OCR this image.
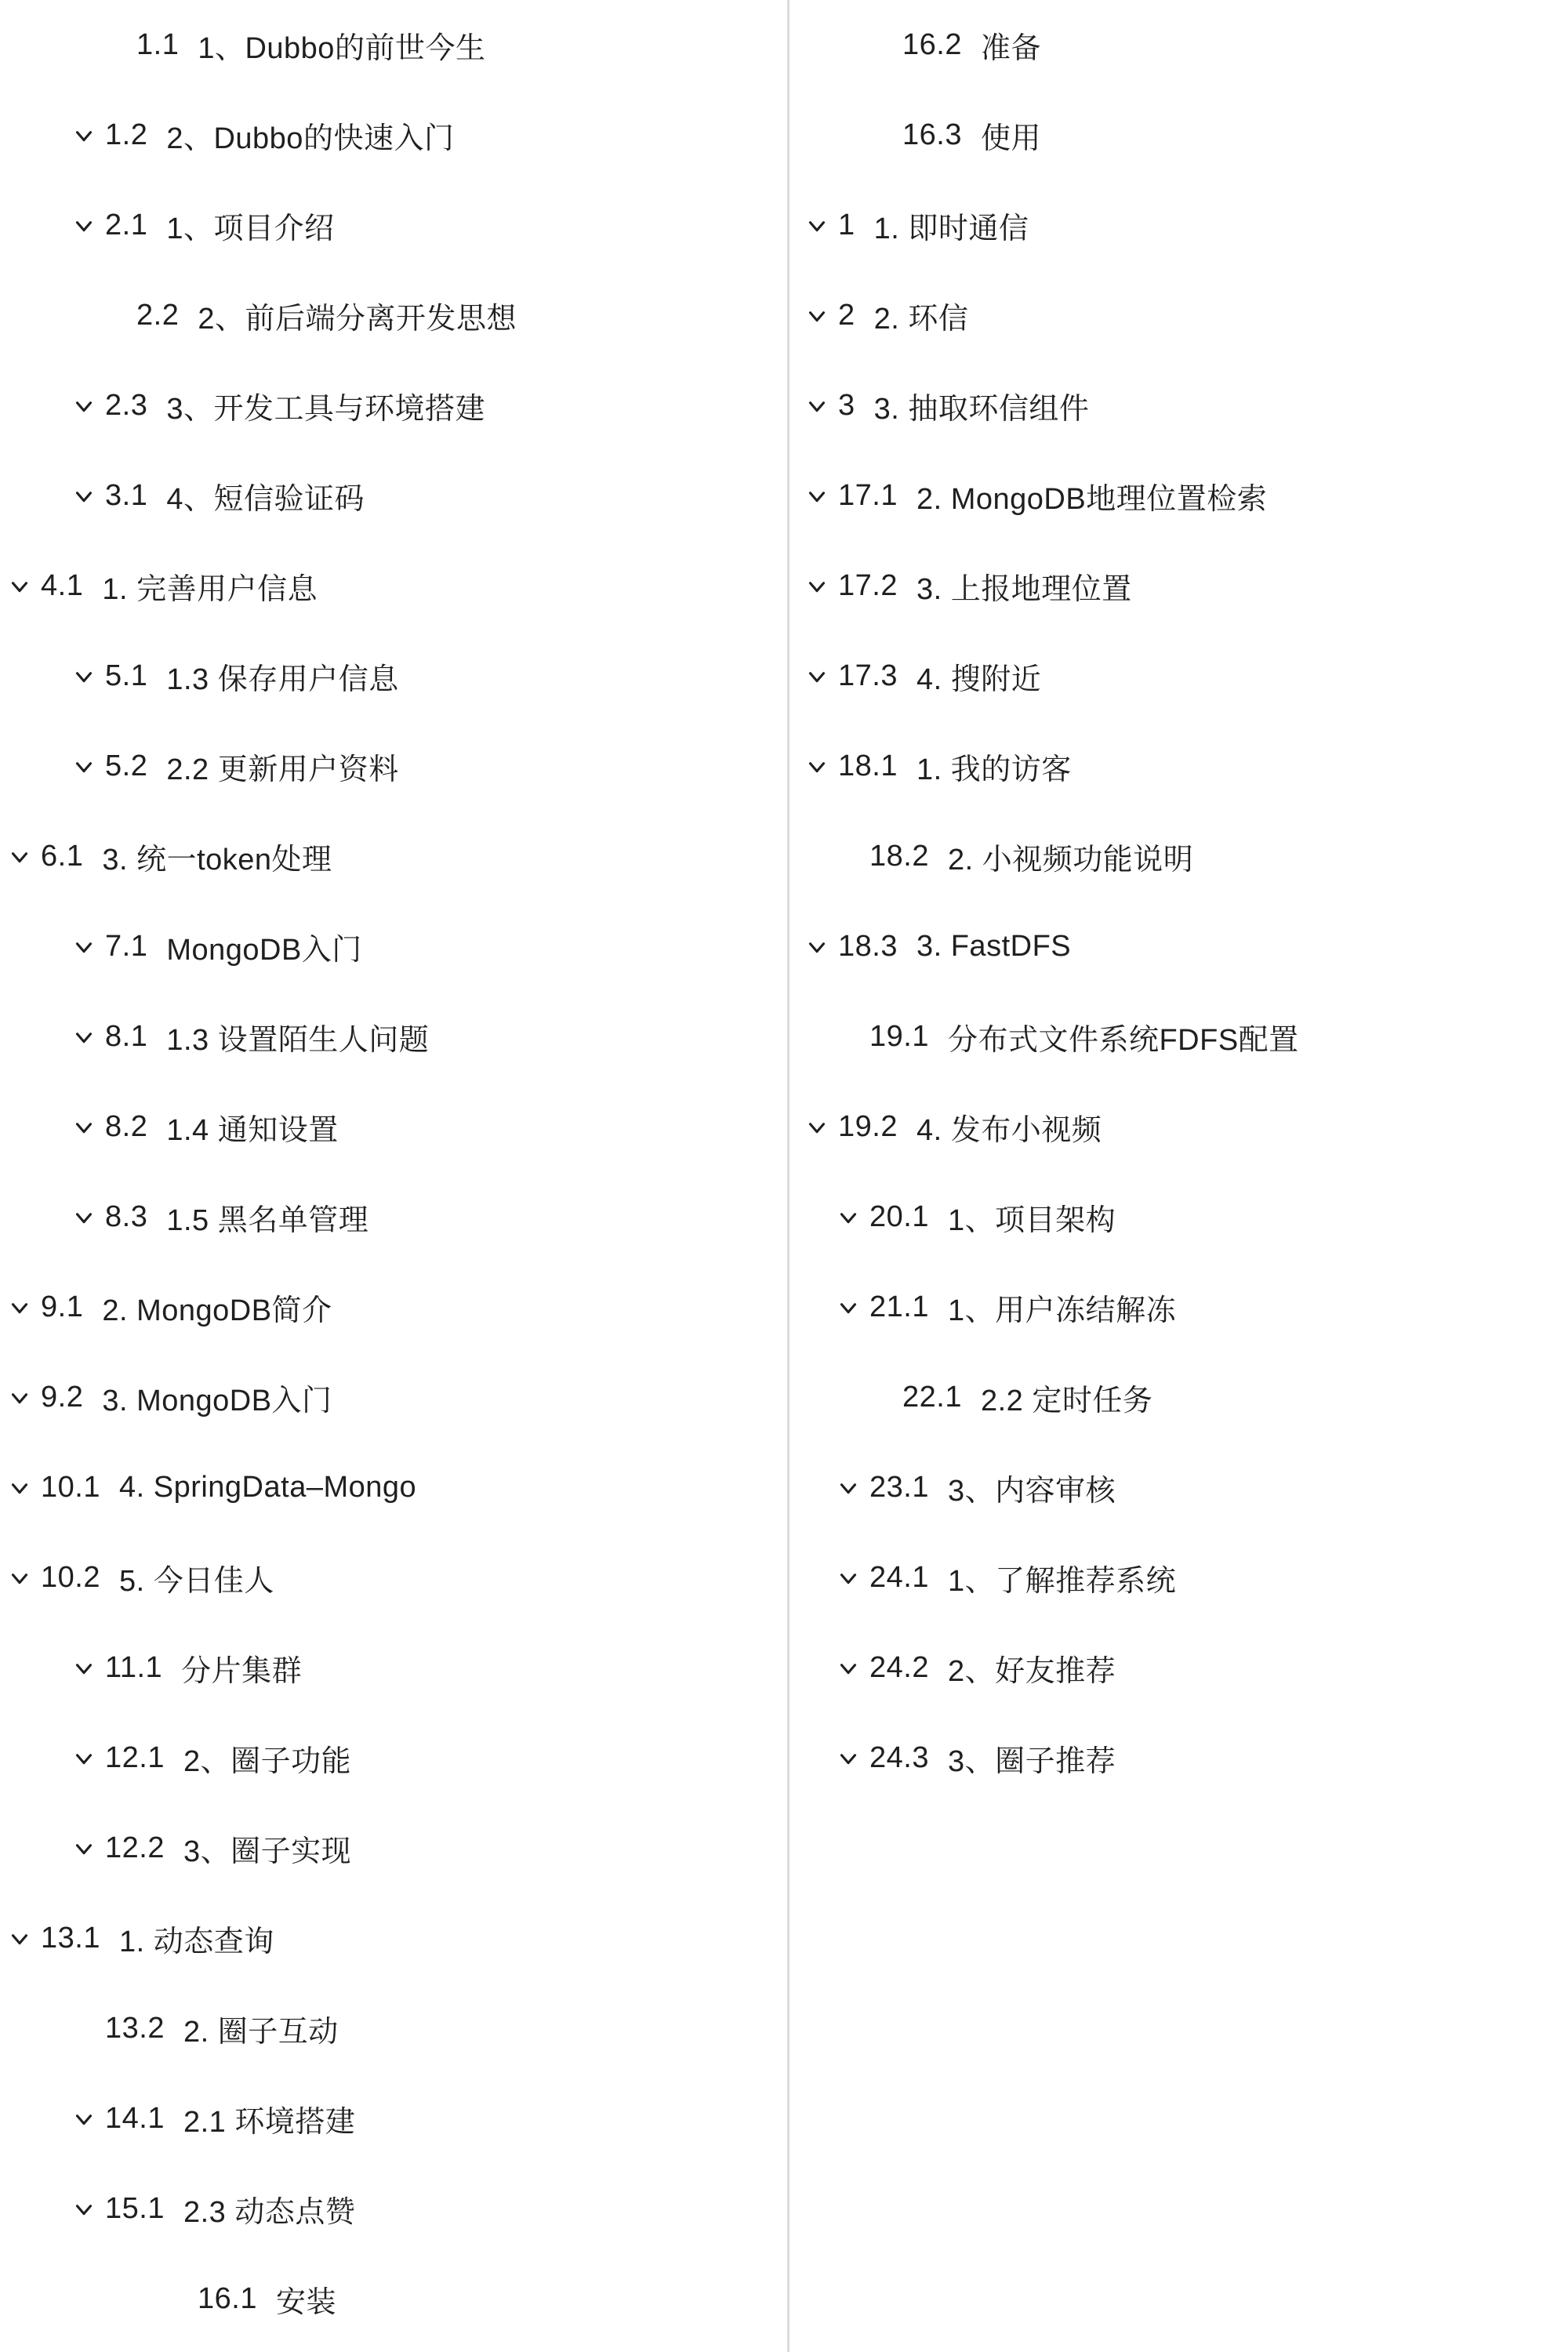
1.1 1、Dubbo的前世今生
1.2 2、Dubbo的快速入门
2.1 1、项目介绍
2.2 2、前后端分离开发思想
2.3 3、开发工具与环境搭建
3.1 4、短信验证码
4.1 1. 完善用户信息
5.1 1.3 保存用户信息
5.2 2.2 更新用户资料
6.1 3. 统一token处理
7.1 MongoDB入门
8.1 1.3 设置陌生人问题
8.2 1.4 通知设置
8.3 1.5 黑名单管理
9.1 2. MongoDB简介
9.2 3. MongoDB入门
10.1 4. SpringData–Mongo
10.2 5. 今日佳人
11.1 分片集群
12.1 2、圈子功能
12.2 3、圈子实现
13.1 1. 动态查询
13.2 2. 圈子互动
14.1 2.1 环境搭建
15.1 2.3 动态点赞
16.1 安装
16.2 准备
16.3 使用
1 1. 即时通信
2 2. 环信
3 3. 抽取环信组件
17.1 2. MongoDB地理位置检索
17.2 3. 上报地理位置
17.3 4. 搜附近
18.1 1. 我的访客
18.2 2. 小视频功能说明
18.3 3. FastDFS
19.1 分布式文件系统FDFS配置
19.2 4. 发布小视频
20.1 1、项目架构
21.1 1、用户冻结解冻
22.1 2.2 定时任务
23.1 3、内容审核
24.1 1、了解推荐系统
24.2 2、好友推荐
24.3 3、圈子推荐
